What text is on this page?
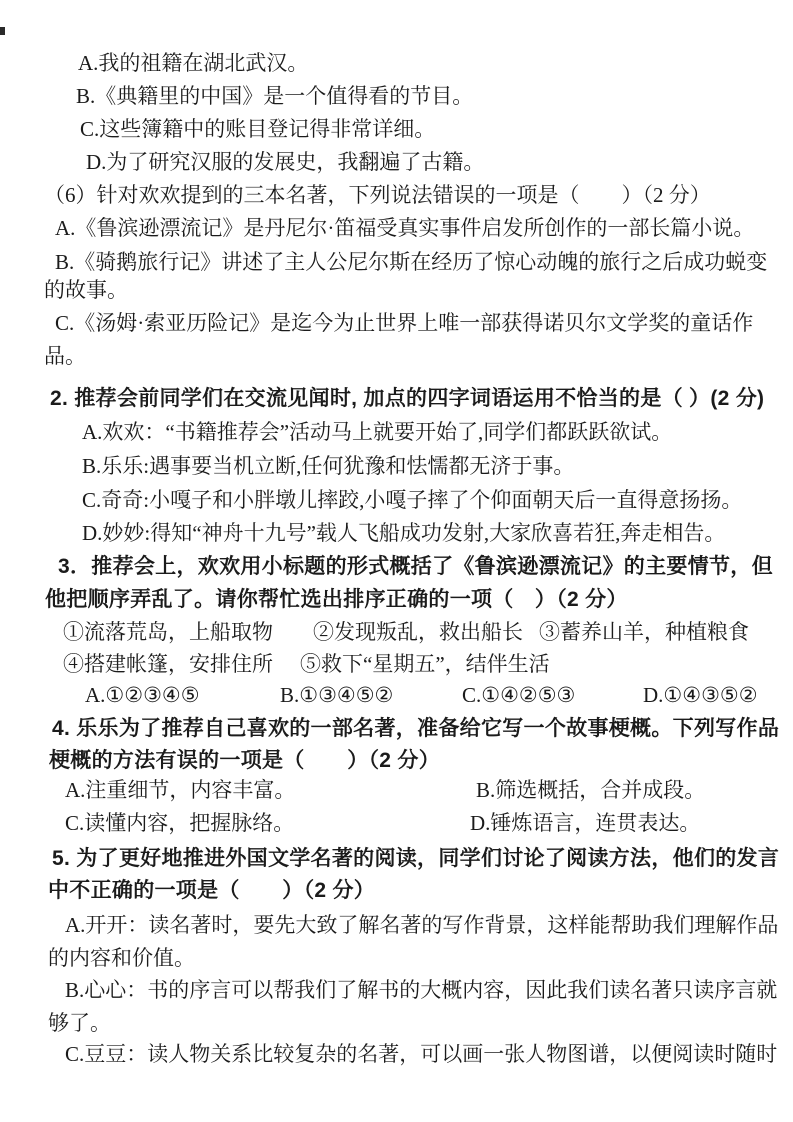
A.我的祖籍在湖北武汉。
B.《典籍里的中国》是一个值得看的节目。
C.这些簿籍中的账目登记得非常详细。
D.为了研究汉服的发展史，我翻遍了古籍。
（6）针对欢欢提到的三本名著，下列说法错误的一项是（　　）（2 分）
A.《鲁滨逊漂流记》是丹尼尔·笛福受真实事件启发所创作的一部长篇小说。
B.《骑鹅旅行记》讲述了主人公尼尔斯在经历了惊心动魄的旅行之后成功蜕变
的故事。
C.《汤姆·索亚历险记》是迄今为止世界上唯一部获得诺贝尔文学奖的童话作
品。
2. 推荐会前同学们在交流见闻时, 加点的四字词语运用不恰当的是（ ）(2 分)
A.欢欢：“书籍推荐会”活动马上就要开始了,同学们都跃跃欲试。
B.乐乐:遇事要当机立断,任何犹豫和怯懦都无济于事。
C.奇奇:小嘎子和小胖墩儿摔跤,小嘎子摔了个仰面朝天后一直得意扬扬。
D.妙妙:得知“神舟十九号”载人飞船成功发射,大家欣喜若狂,奔走相告。
3．推荐会上，欢欢用小标题的形式概括了《鲁滨逊漂流记》的主要情节，但
他把顺序弄乱了。请你帮忙选出排序正确的一项（　）（2 分）
①流落荒岛，上船取物 ②发现叛乱，救出船长 ③蓄养山羊，种植粮食
④搭建帐篷，安排住所 ⑤救下“星期五”，结伴生活
A.①②③④⑤	B.①③④⑤②	C.①④②⑤③	D.①④③⑤②
4. 乐乐为了推荐自己喜欢的一部名著，准备给它写一个故事梗概。下列写作品
梗概的方法有误的一项是（　　）（2 分）
A.注重细节，内容丰富。	B.筛选概括，合并成段。
C.读懂内容，把握脉络。	D.锤炼语言，连贯表达。
5. 为了更好地推进外国文学名著的阅读，同学们讨论了阅读方法，他们的发言
中不正确的一项是（　　）（2 分）
A.开开：读名著时，要先大致了解名著的写作背景，这样能帮助我们理解作品
的内容和价值。
B.心心：书的序言可以帮我们了解书的大概内容，因此我们读名著只读序言就
够了。
C.豆豆：读人物关系比较复杂的名著，可以画一张人物图谱，以便阅读时随时
